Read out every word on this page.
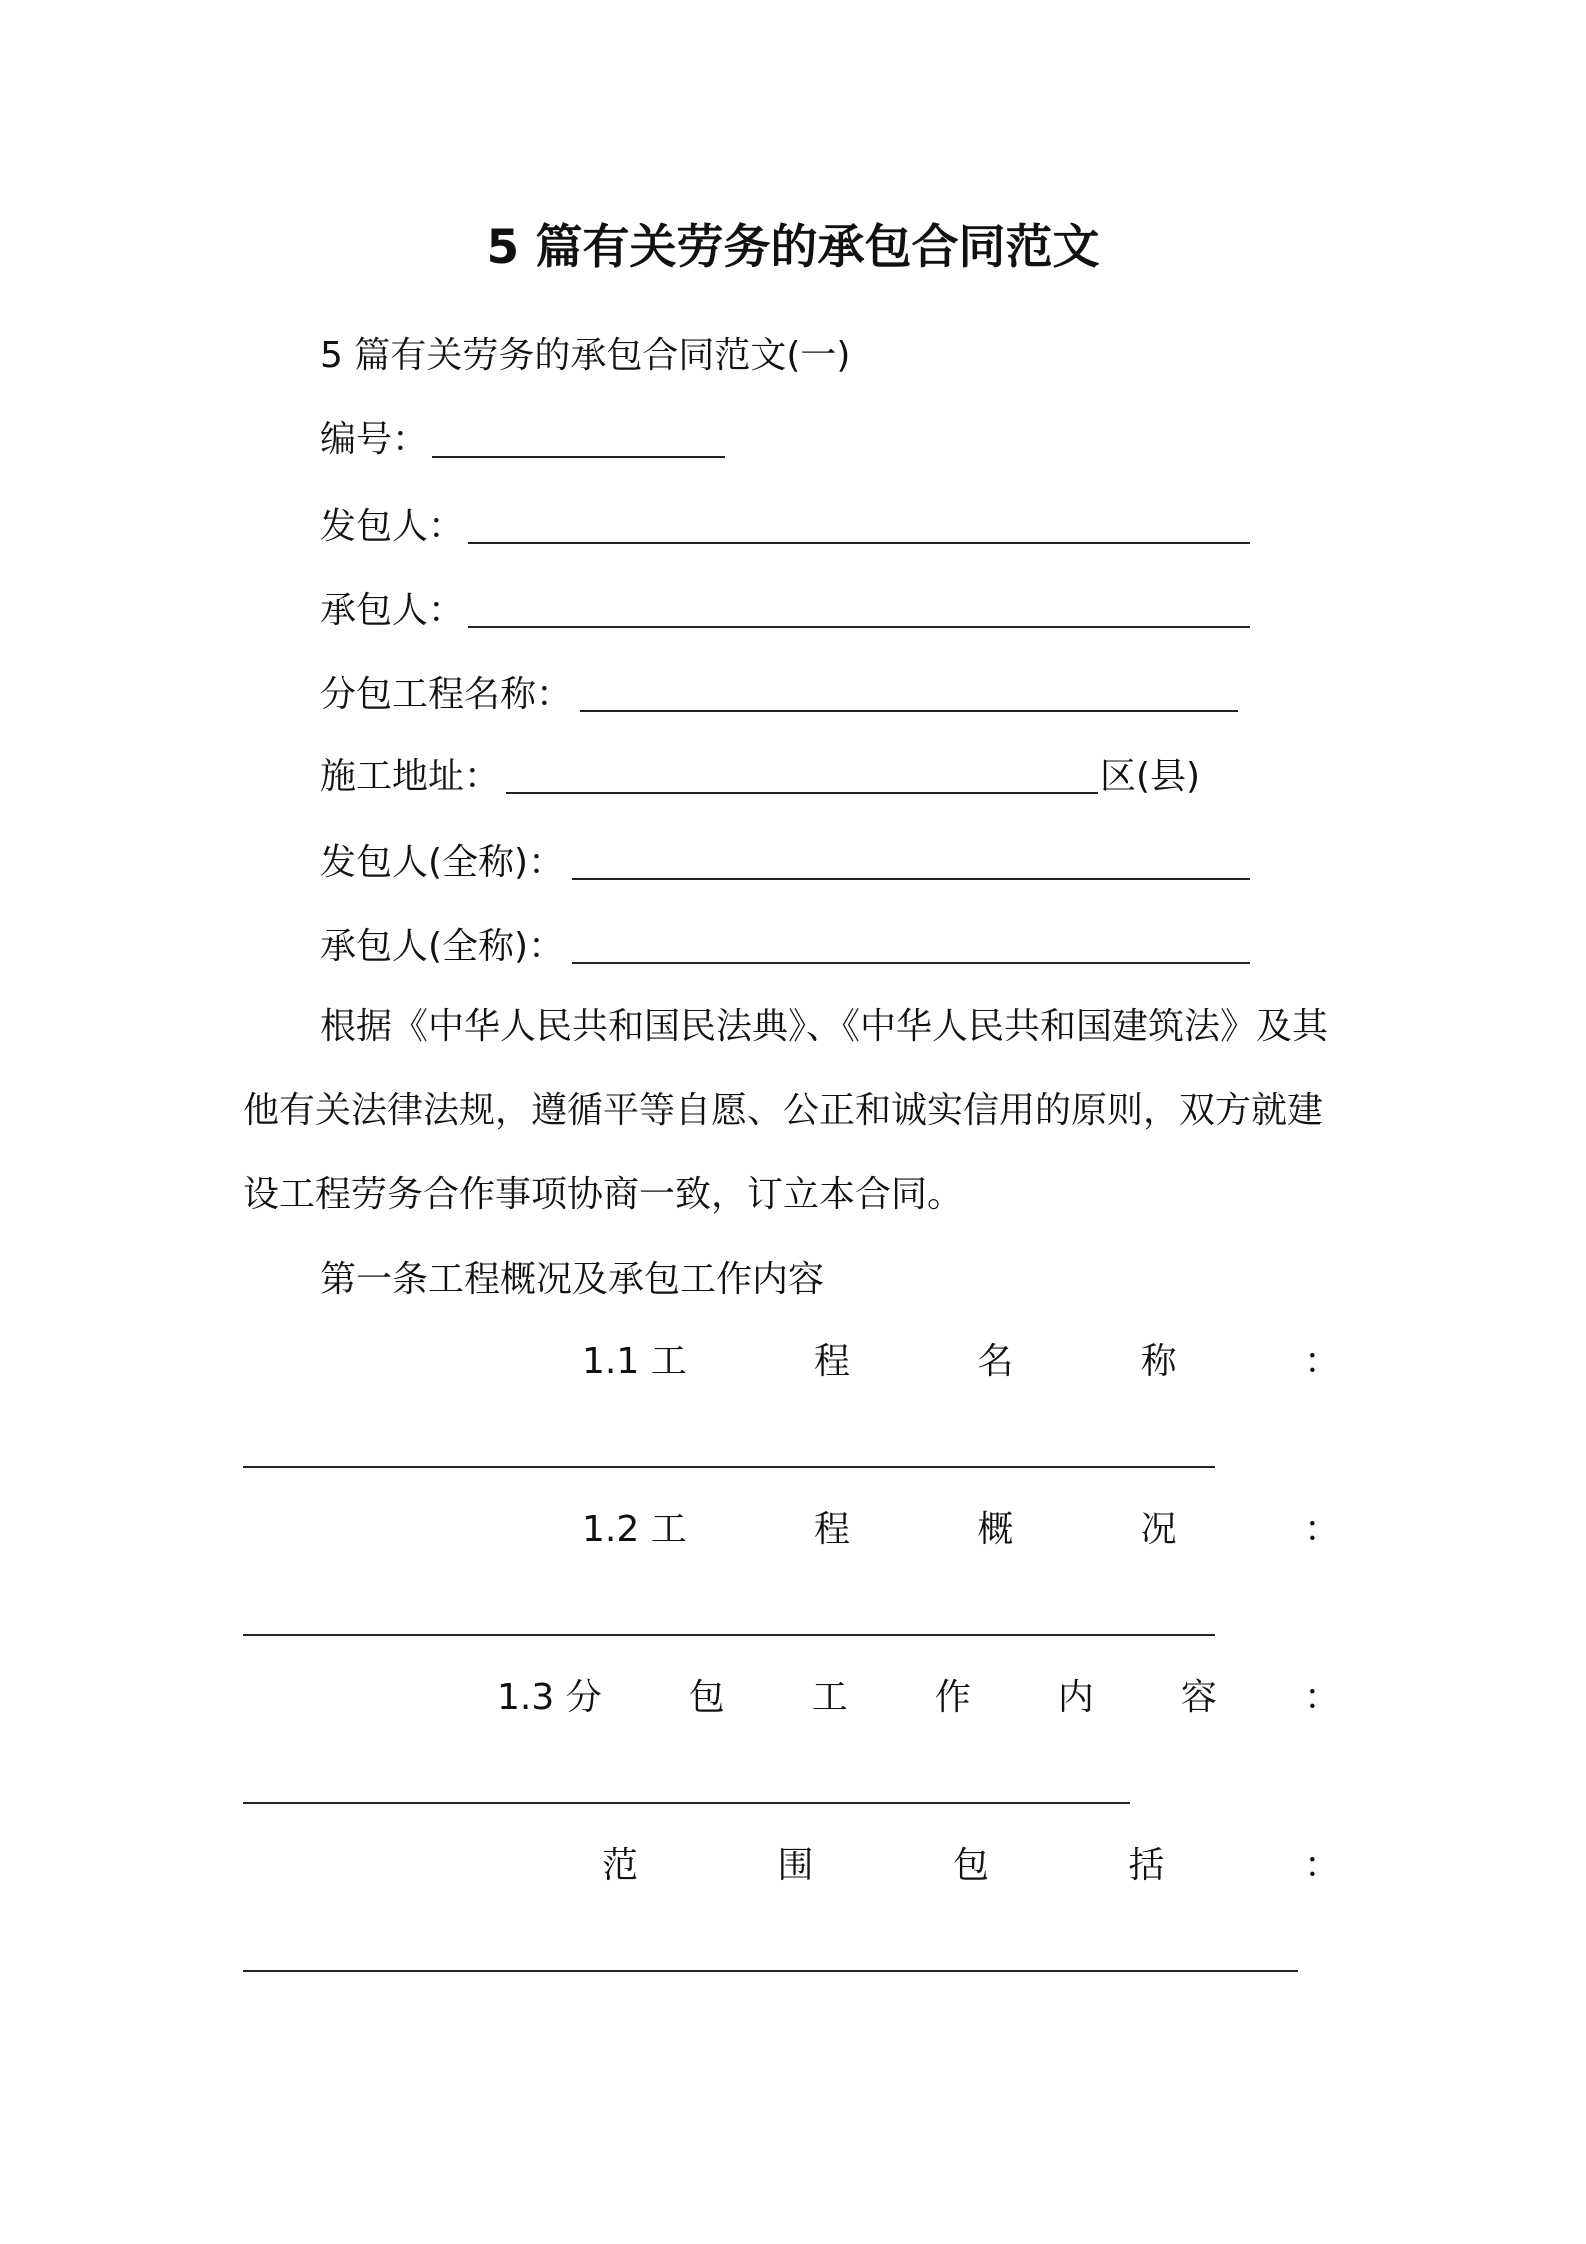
5 篇有关劳务的承包合同范文
5 篇有关劳务的承包合同范文(一)
编号：
发包人：
承包人：
分包工程名称：
施工地址：	区(县)
发包人(全称)：
承包人(全称)：
根据《中华人民共和国民法典》、《中华人民共和国建筑法》及其
他有关法律法规，遵循平等自愿、公正和诚实信用的原则，双方就建
设工程劳务合作事项协商一致，订立本合同。
第一条工程概况及承包工作内容
1.1 工	程	名	称	：
1.2 工	程	概	况	：
1.3 分 包 工 作 内 容 ：
范	围	包	括	：
